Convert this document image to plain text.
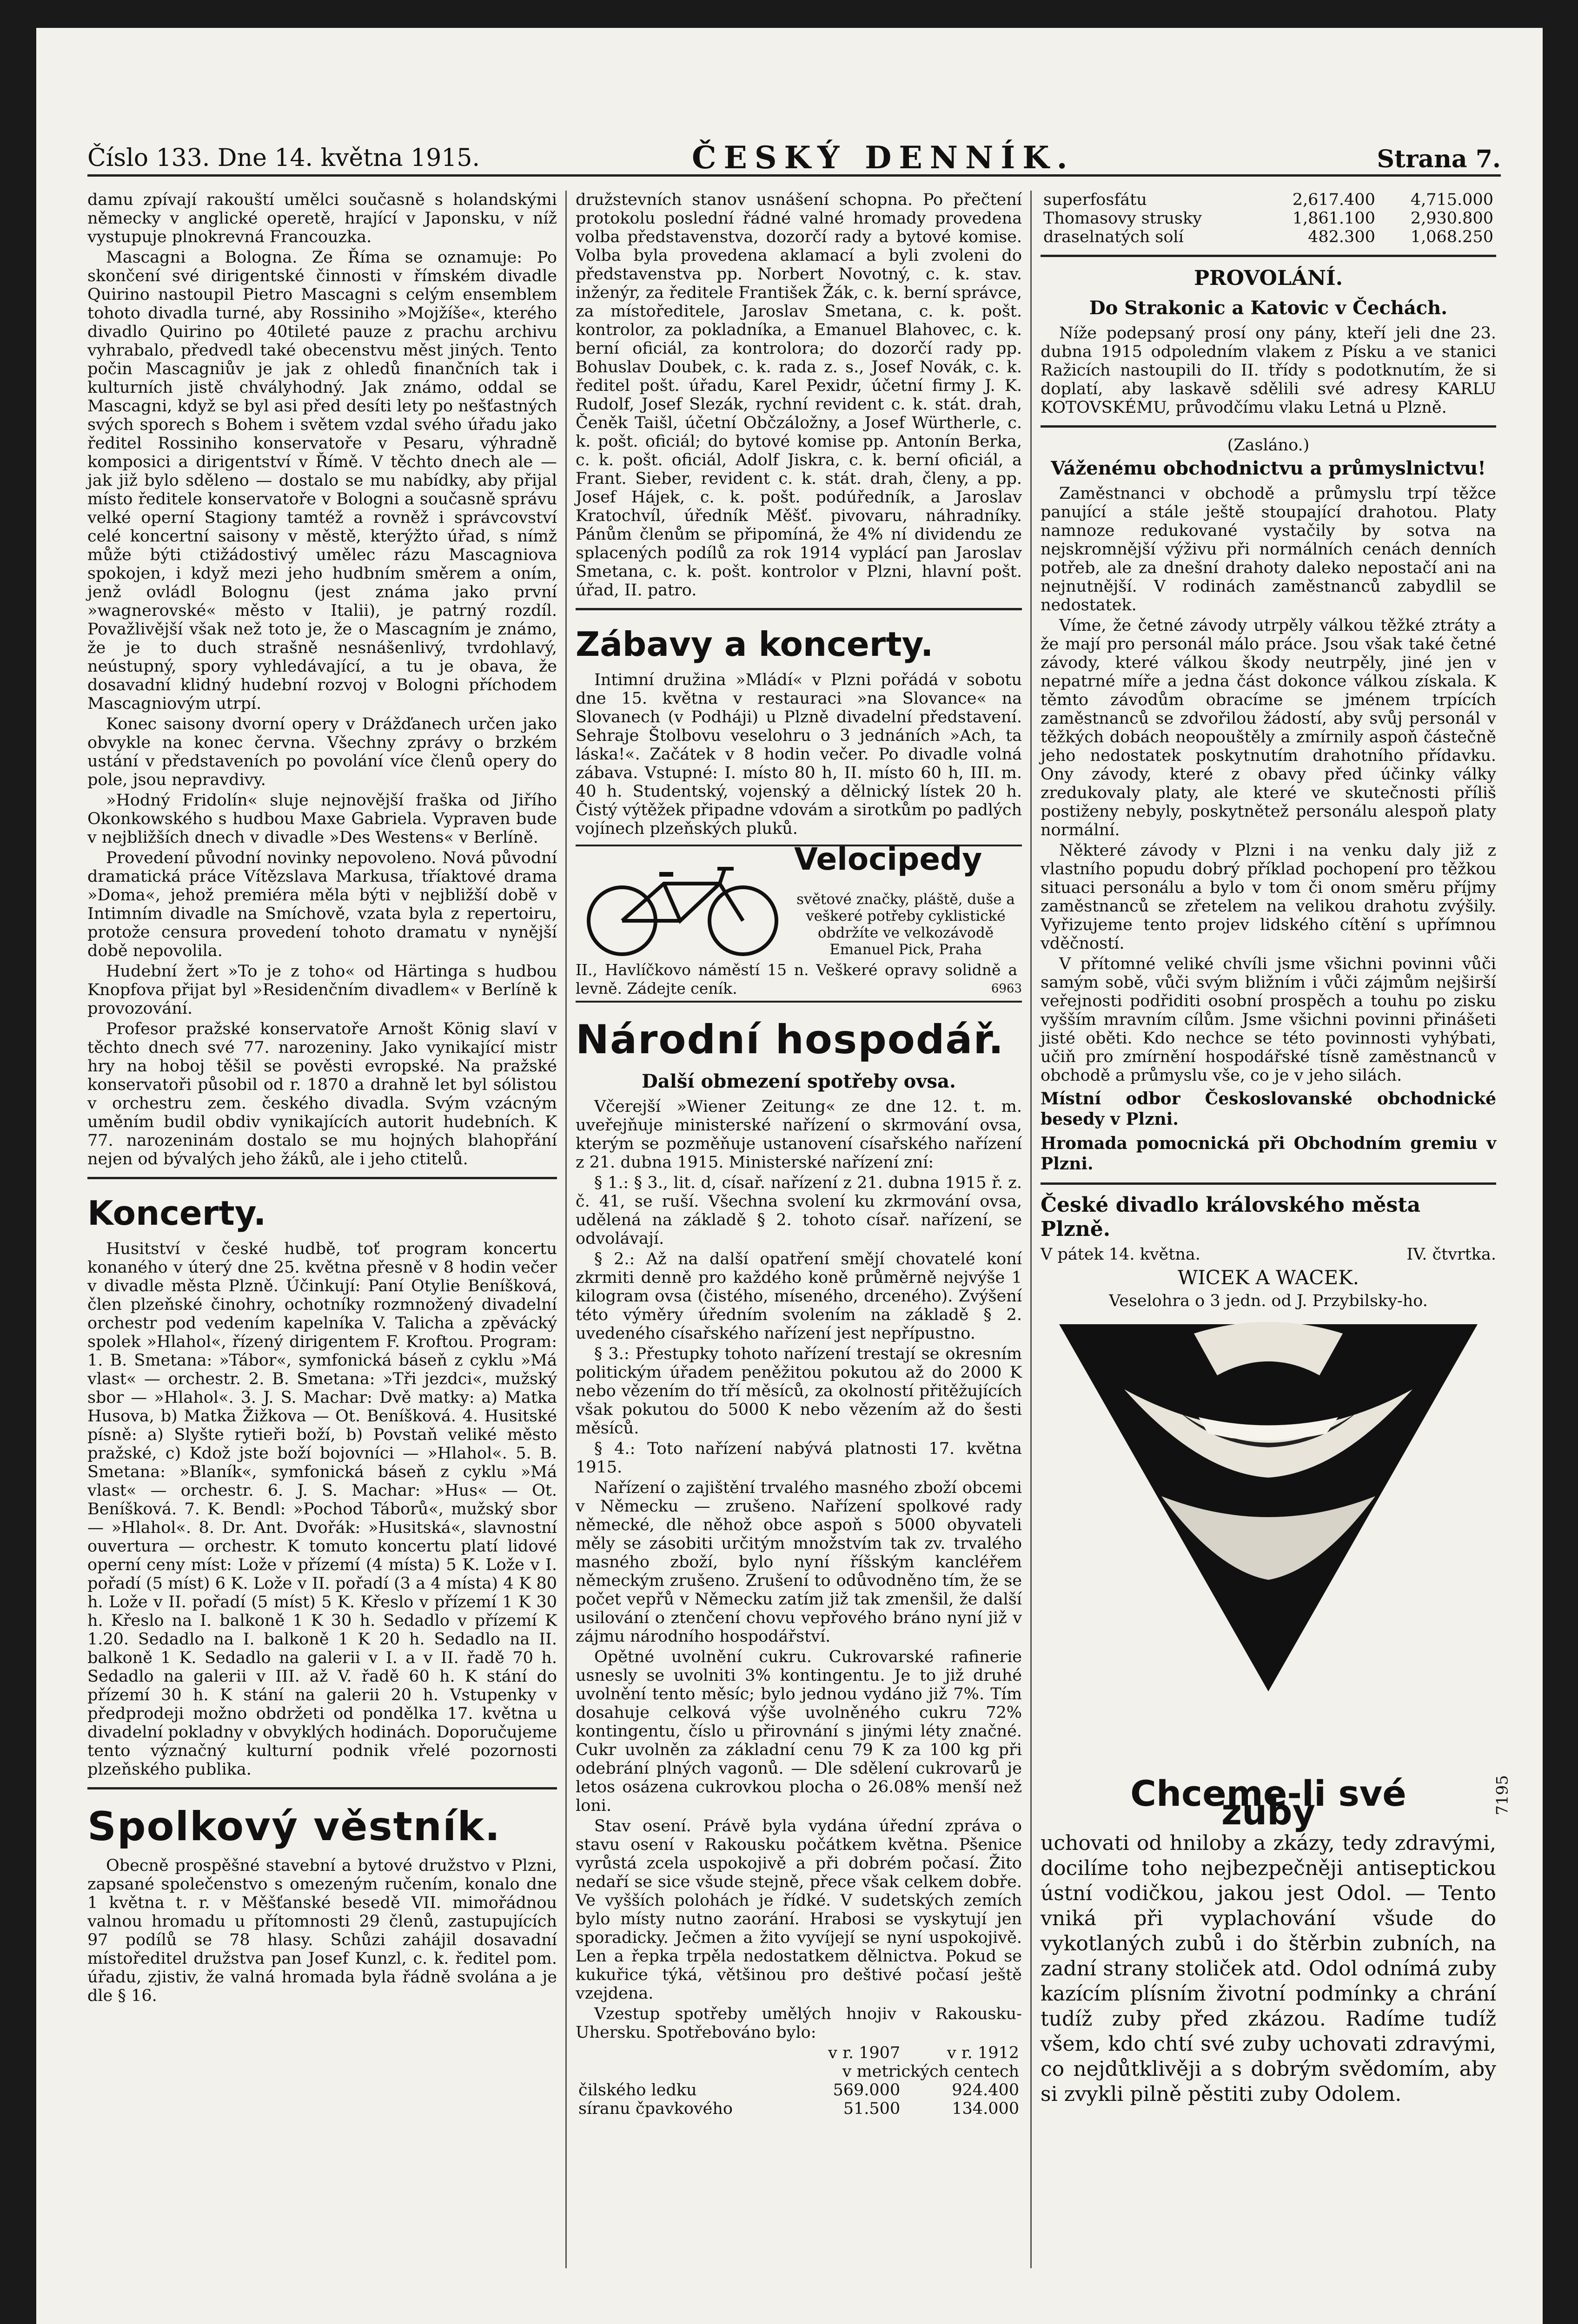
Číslo 133. Dne 14. května 1915.	ČESKÝ DENNÍK.	Strana 7.

damu zpívají rakouští umělci současně s holandskými německy v anglické operetě, hrající v Japonsku, v níž vystupuje plnokrevná Francouzka.

Mascagni a Bologna. Ze Říma se oznamuje: Po skončení své dirigentské činnosti v římském divadle Quirino nastoupil Pietro Mascagni s celým ensemblem tohoto divadla turné, aby Rossiniho »Mojžíše«, kterého divadlo Quirino po 40tileté pauze z prachu archivu vyhrabalo, předvedl také obecenstvu měst jiných. Tento počin Mascagniův je jak z ohledů finančních tak i kulturních jistě chvályhodný. Jak známo, oddal se Mascagni, když se byl asi před desíti lety po nešťastných svých sporech s Bohem i světem vzdal svého úřadu jako ředitel Rossiniho konservatoře v Pesaru, výhradně komposici a dirigentství v Římě. V těchto dnech ale — jak již bylo sděleno — dostalo se mu nabídky, aby přijal místo ředitele konservatoře v Bologni a současně správu velké operní Stagiony tamtéž a rovněž i správcovství celé koncertní saisony v městě, kterýžto úřad, s nímž může býti ctižádostivý umělec rázu Mascagniova spokojen, i když mezi jeho hudbním směrem a oním, jenž ovládl Bolognu (jest známa jako první »wagnerovské« město v Italii), je patrný rozdíl. Považlivější však než toto je, že o Mascagním je známo, že je to duch strašně nesnášenlivý, tvrdohlavý, neústupný, spory vyhledávající, a tu je obava, že dosavadní klidný hudební rozvoj v Bologni příchodem Mascagniovým utrpí.

Konec saisony dvorní opery v Drážďanech určen jako obvykle na konec června. Všechny zprávy o brzkém ustání v představeních po povolání více členů opery do pole, jsou nepravdivy.

»Hodný Fridolín« sluje nejnovější fraška od Jiřího Okonkowského s hudbou Maxe Gabriela. Vypraven bude v nejbližších dnech v divadle »Des Westens« v Berlíně.

Provedení původní novinky nepovoleno. Nová původní dramatická práce Vítězslava Markusa, tříaktové drama »Doma«, jehož premiéra měla býti v nejbližší době v Intimním divadle na Smíchově, vzata byla z repertoiru, protože censura provedení tohoto dramatu v nynější době nepovolila.

Hudební žert »To je z toho« od Härtinga s hudbou Knopfova přijat byl »Residenčním divadlem« v Berlíně k provozování.

Profesor pražské konservatoře Arnošt König slaví v těchto dnech své 77. narozeniny. Jako vynikající mistr hry na hoboj těšil se pověsti evropské. Na pražské konservatoři působil od r. 1870 a drahně let byl sólistou v orchestru zem. českého divadla. Svým vzácným uměním budil obdiv vynikajících autorit hudebních. K 77. narozeninám dostalo se mu hojných blahopřání nejen od bývalých jeho žáků, ale i jeho ctitelů.

Koncerty.

Husitství v české hudbě, toť program koncertu konaného v úterý dne 25. května přesně v 8 hodin večer v divadle města Plzně. Účinkují: Paní Otylie Beníšková, člen plzeňské činohry, ochotníky rozmnožený divadelní orchestr pod vedením kapelníka V. Talicha a zpěvácký spolek »Hlahol«, řízený dirigentem F. Kroftou. Program: 1. B. Smetana: »Tábor«, symfonická báseň z cyklu »Má vlast« — orchestr. 2. B. Smetana: »Tři jezdci«, mužský sbor — »Hlahol«. 3. J. S. Machar: Dvě matky: a) Matka Husova, b) Matka Žižkova — Ot. Beníšková. 4. Husitské písně: a) Slyšte rytieři boží, b) Povstaň veliké město pražské, c) Kdož jste boží bojovníci — »Hlahol«. 5. B. Smetana: »Blaník«, symfonická báseň z cyklu »Má vlast« — orchestr. 6. J. S. Machar: »Hus« — Ot. Beníšková. 7. K. Bendl: »Pochod Táborů«, mužský sbor — »Hlahol«. 8. Dr. Ant. Dvořák: »Husitská«, slavnostní ouvertura — orchestr. K tomuto koncertu platí lidové operní ceny míst: Lože v přízemí (4 místa) 5 K. Lože v I. pořadí (5 míst) 6 K. Lože v II. pořadí (3 a 4 místa) 4 K 80 h. Lože v II. pořadí (5 míst) 5 K. Křeslo v přízemí 1 K 30 h. Křeslo na I. balkoně 1 K 30 h. Sedadlo v přízemí K 1.20. Sedadlo na I. balkoně 1 K 20 h. Sedadlo na II. balkoně 1 K. Sedadlo na galerii v I. a v II. řadě 70 h. Sedadlo na galerii v III. až V. řadě 60 h. K stání do přízemí 30 h. K stání na galerii 20 h. Vstupenky v předprodeji možno obdržeti od pondělka 17. května u divadelní pokladny v obvyklých hodinách. Doporučujeme tento význačný kulturní podnik vřelé pozornosti plzeňského publika.

Spolkový věstník.

Obecně prospěšné stavební a bytové družstvo v Plzni, zapsané společenstvo s omezeným ručením, konalo dne 1 května t. r. v Měšťanské besedě VII. mimořádnou valnou hromadu u přítomnosti 29 členů, zastupujících 97 podílů se 78 hlasy. Schůzi zahájil dosavadní místoředitel družstva pan Josef Kunzl, c. k. ředitel pom. úřadu, zjistiv, že valná hromada byla řádně svolána a je dle § 16.

družstevních stanov usnášení schopna. Po přečtení protokolu poslední řádné valné hromady provedena volba představenstva, dozorčí rady a bytové komise. Volba byla provedena aklamací a byli zvoleni do představenstva pp. Norbert Novotný, c. k. stav. inženýr, za ředitele František Žák, c. k. berní správce, za místoředitele, Jaroslav Smetana, c. k. pošt. kontrolor, za pokladníka, a Emanuel Blahovec, c. k. berní oficiál, za kontrolora; do dozorčí rady pp. Bohuslav Doubek, c. k. rada z. s., Josef Novák, c. k. ředitel pošt. úřadu, Karel Pexidr, účetní firmy J. K. Rudolf, Josef Slezák, rychní revident c. k. stát. drah, Čeněk Taišl, účetní Občzáložny, a Josef Würtherle, c. k. pošt. oficiál; do bytové komise pp. Antonín Berka, c. k. pošt. oficiál, Adolf Jiskra, c. k. berní oficiál, a Frant. Sieber, revident c. k. stát. drah, členy, a pp. Josef Hájek, c. k. pošt. podúředník, a Jaroslav Kratochvíl, úředník Měšť. pivovaru, náhradníky. Pánům členům se připomíná, že 4% ní dividendu ze splacených podílů za rok 1914 vyplácí pan Jaroslav Smetana, c. k. pošt. kontrolor v Plzni, hlavní pošt. úřad, II. patro.

Zábavy a koncerty.

Intimní družina »Mládí« v Plzni pořádá v sobotu dne 15. května v restauraci »na Slovance« na Slovanech (v Podháji) u Plzně divadelní představení. Sehraje Štolbovu veselohru o 3 jednáních »Ach, ta láska!«. Začátek v 8 hodin večer. Po divadle volná zábava. Vstupné: I. místo 80 h, II. místo 60 h, III. m. 40 h. Studentský, vojenský a dělnický lístek 20 h. Čistý výtěžek připadne vdovám a sirotkům po padlých vojínech plzeňských pluků.

Velocipedy
světové značky, pláště, duše a veškeré potřeby cyklistické obdržíte ve velkozávodě Emanuel Pick, Praha
II., Havlíčkovo náměstí 15 n. Veškeré opravy solidně a levně. Zádejte ceník.	6963
Národní hospodář.
Další obmezení spotřeby ovsa.

Včerejší »Wiener Zeitung« ze dne 12. t. m. uveřejňuje ministerské nařízení o skrmování ovsa, kterým se pozměňuje ustanovení císařského nařízení z 21. dubna 1915. Ministerské nařízení zní:

§ 1.: § 3., lit. d, císař. nařízení z 21. dubna 1915 ř. z. č. 41, se ruší. Všechna svolení ku zkrmování ovsa, udělená na základě § 2. tohoto císař. nařízení, se odvolávají.

§ 2.: Až na další opatření smějí chovatelé koní zkrmiti denně pro každého koně průměrně nejvýše 1 kilogram ovsa (čistého, míseného, drceného). Zvýšení této výměry úředním svolením na základě § 2. uvedeného císařského nařízení jest nepřípustno.

§ 3.: Přestupky tohoto nařízení trestají se okresním politickým úřadem peněžitou pokutou až do 2000 K nebo vězením do tří měsíců, za okolností přitěžujících však pokutou do 5000 K nebo vězením až do šesti měsíců.

§ 4.: Toto nařízení nabývá platnosti 17. května 1915.

Nařízení o zajištění trvalého masného zboží obcemi v Německu — zrušeno. Nařízení spolkové rady německé, dle něhož obce aspoň s 5000 obyvateli měly se zásobiti určitým množstvím tak zv. trvalého masného zboží, bylo nyní říšským kancléřem německým zrušeno. Zrušení to odůvodněno tím, že se počet vepřů v Německu zatím již tak zmenšil, že další usilování o ztenčení chovu vepřového bráno nyní již v zájmu národního hospodářství.

Opětné uvolnění cukru. Cukrovarské rafinerie usnesly se uvolniti 3% kontingentu. Je to již druhé uvolnění tento měsíc; bylo jednou vydáno již 7%. Tím dosahuje celková výše uvolněného cukru 72% kontingentu, číslo u přirovnání s jinými léty značné. Cukr uvolněn za základní cenu 79 K za 100 kg při odebrání plných vagonů. — Dle sdělení cukrovarů je letos osázena cukrovkou plocha o 26.08% menší než loni.

Stav osení. Právě byla vydána úřední zpráva o stavu osení v Rakousku počátkem května. Pšenice vyrůstá zcela uspokojivě a při dobrém počasí. Žito nedaří se sice všude stejně, přece však celkem dobře. Ve vyšších polohách je řídké. V sudetských zemích bylo místy nutno zaorání. Hrabosi se vyskytují jen sporadicky. Ječmen a žito vyvíjejí se nyní uspokojivě. Len a řepka trpěla nedostatkem dělnictva. Pokud se kukuřice týká, většinou pro deštivé počasí ještě vzejdena.

Vzestup spotřeby umělých hnojiv v Rakousku-Uhersku. Spotřebováno bylo:

	v r. 1907	v r. 1912
	v metrických centech	
čilského ledku	569.000	924.400
síranu čpavkového	51.500	134.000
superfosfátu	2,617.400	4,715.000
Thomasovy strusky	1,861.100	2,930.800
draselnatých solí	482.300	1,068.250
PROVOLÁNÍ.
Do Strakonic a Katovic v Čechách.

Níže podepsaný prosí ony pány, kteří jeli dne 23. dubna 1915 odpoledním vlakem z Písku a ve stanici Ražicích nastoupili do II. třídy s podotknutím, že si doplatí, aby laskavě sdělili své adresy KARLU KOTOVSKÉMU, průvodčímu vlaku Letná u Plzně.

(Zasláno.)

Váženému obchodnictvu a průmyslnictvu!

Zaměstnanci v obchodě a průmyslu trpí těžce panující a stále ještě stoupající drahotou. Platy namnoze redukované vystačily by sotva na nejskromnější výživu při normálních cenách denních potřeb, ale za dnešní drahoty daleko nepostačí ani na nejnutnější. V rodinách zaměstnanců zabydlil se nedostatek.

Víme, že četné závody utrpěly válkou těžké ztráty a že mají pro personál málo práce. Jsou však také četné závody, které válkou škody neutrpěly, jiné jen v nepatrné míře a jedna část dokonce válkou získala. K těmto závodům obracíme se jménem trpících zaměstnanců se zdvořilou žádostí, aby svůj personál v těžkých dobách neopouštěly a zmírnily aspoň částečně jeho nedostatek poskytnutím drahotního přídavku. Ony závody, které z obavy před účinky války zredukovaly platy, ale které ve skutečnosti příliš postiženy nebyly, poskytnětež personálu alespoň platy normální.

Některé závody v Plzni i na venku daly již z vlastního popudu dobrý příklad pochopení pro těžkou situaci personálu a bylo v tom či onom směru příjmy zaměstnanců se zřetelem na velikou drahotu zvýšily. Vyřizujeme tento projev lidského cítění s upřímnou vděčností.

V přítomné veliké chvíli jsme všichni povinni vůči samým sobě, vůči svým bližním i vůči zájmům nejširší veřejnosti podřiditi osobní prospěch a touhu po zisku vyšším mravním cílům. Jsme všichni povinni přinášeti jisté oběti. Kdo nechce se této povinnosti vyhýbati, učiň pro zmírnění hospodářské tísně zaměstnanců v obchodě a průmyslu vše, co je v jeho silách.

Místní odbor Českoslovanské obchodnické besedy v Plzni.

Hromada pomocnická při Obchodním gremiu v Plzni.

České divadlo královského města Plzně.

V pátek 14. května.	IV. čtvrtka.

WICEK A WACEK.

Veselohra o 3 jedn. od J. Przybilsky-ho.

Chceme-li své zuby	7195
uchovati od hniloby a zkázy, tedy zdravými, docilíme toho nejbezpečněji antiseptickou ústní vodičkou, jakou jest Odol. — Tento vniká při vyplachování všude do vykotlaných zubů i do štěrbin zubních, na zadní strany stoliček atd. Odol odnímá zuby kazícím plísním životní podmínky a chrání tudíž zuby před zkázou. Radíme tudíž všem, kdo chtí své zuby uchovati zdravými, co nejdůtklivěji a s dobrým svědomím, aby si zvykli pilně pěstiti zuby Odolem.
